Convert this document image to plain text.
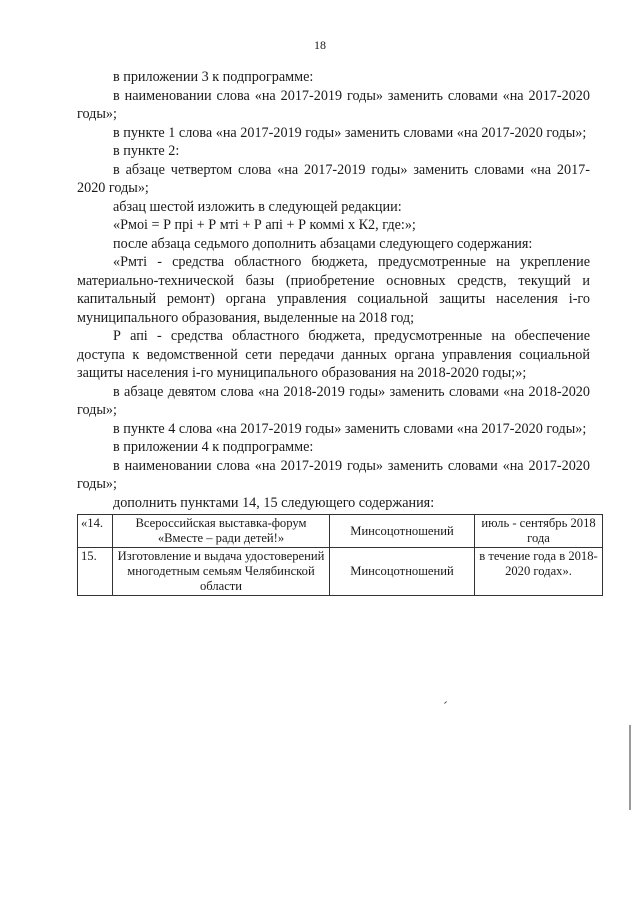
18

в приложении 3 к подпрограмме:

в наименовании слова «на 2017-2019 годы» заменить словами «на 2017-2020 годы»;

в пункте 1 слова «на 2017-2019 годы» заменить словами «на 2017-2020 годы»;

в пункте 2:

в абзаце четвертом слова «на 2017-2019 годы» заменить словами «на 2017-2020 годы»;

абзац шестой изложить в следующей редакции:

«Рмоі = Р прі + Р мті + Р апі + Р коммі х К2, где:»;

после абзаца седьмого дополнить абзацами следующего содержания:

«Рмті - средства областного бюджета, предусмотренные на укрепление материально-технической базы (приобретение основных средств, текущий и капитальный ремонт) органа управления социальной защиты населения і-го муниципального образования, выделенные на 2018 год;

Р апі - средства областного бюджета, предусмотренные на обеспечение доступа к ведомственной сети передачи данных органа управления социальной защиты населения і-го муниципального образования на 2018-2020 годы;»;

в абзаце девятом слова «на 2018-2019 годы» заменить словами «на 2018-2020 годы»;

в пункте 4 слова «на 2017-2019 годы» заменить словами «на 2017-2020 годы»;

в приложении 4 к подпрограмме:

в наименовании слова «на 2017-2019 годы» заменить словами «на 2017-2020 годы»;

дополнить пунктами 14, 15 следующего содержания:

«14.	Всероссийская выставка-форум «Вместе – ради детей!»	Минсоцотношений	июль - сентябрь 2018 года
15.	Изготовление и выдача удостоверений многодетным семьям Челябинской области	Минсоцотношений	в течение года в 2018-2020 годах».
